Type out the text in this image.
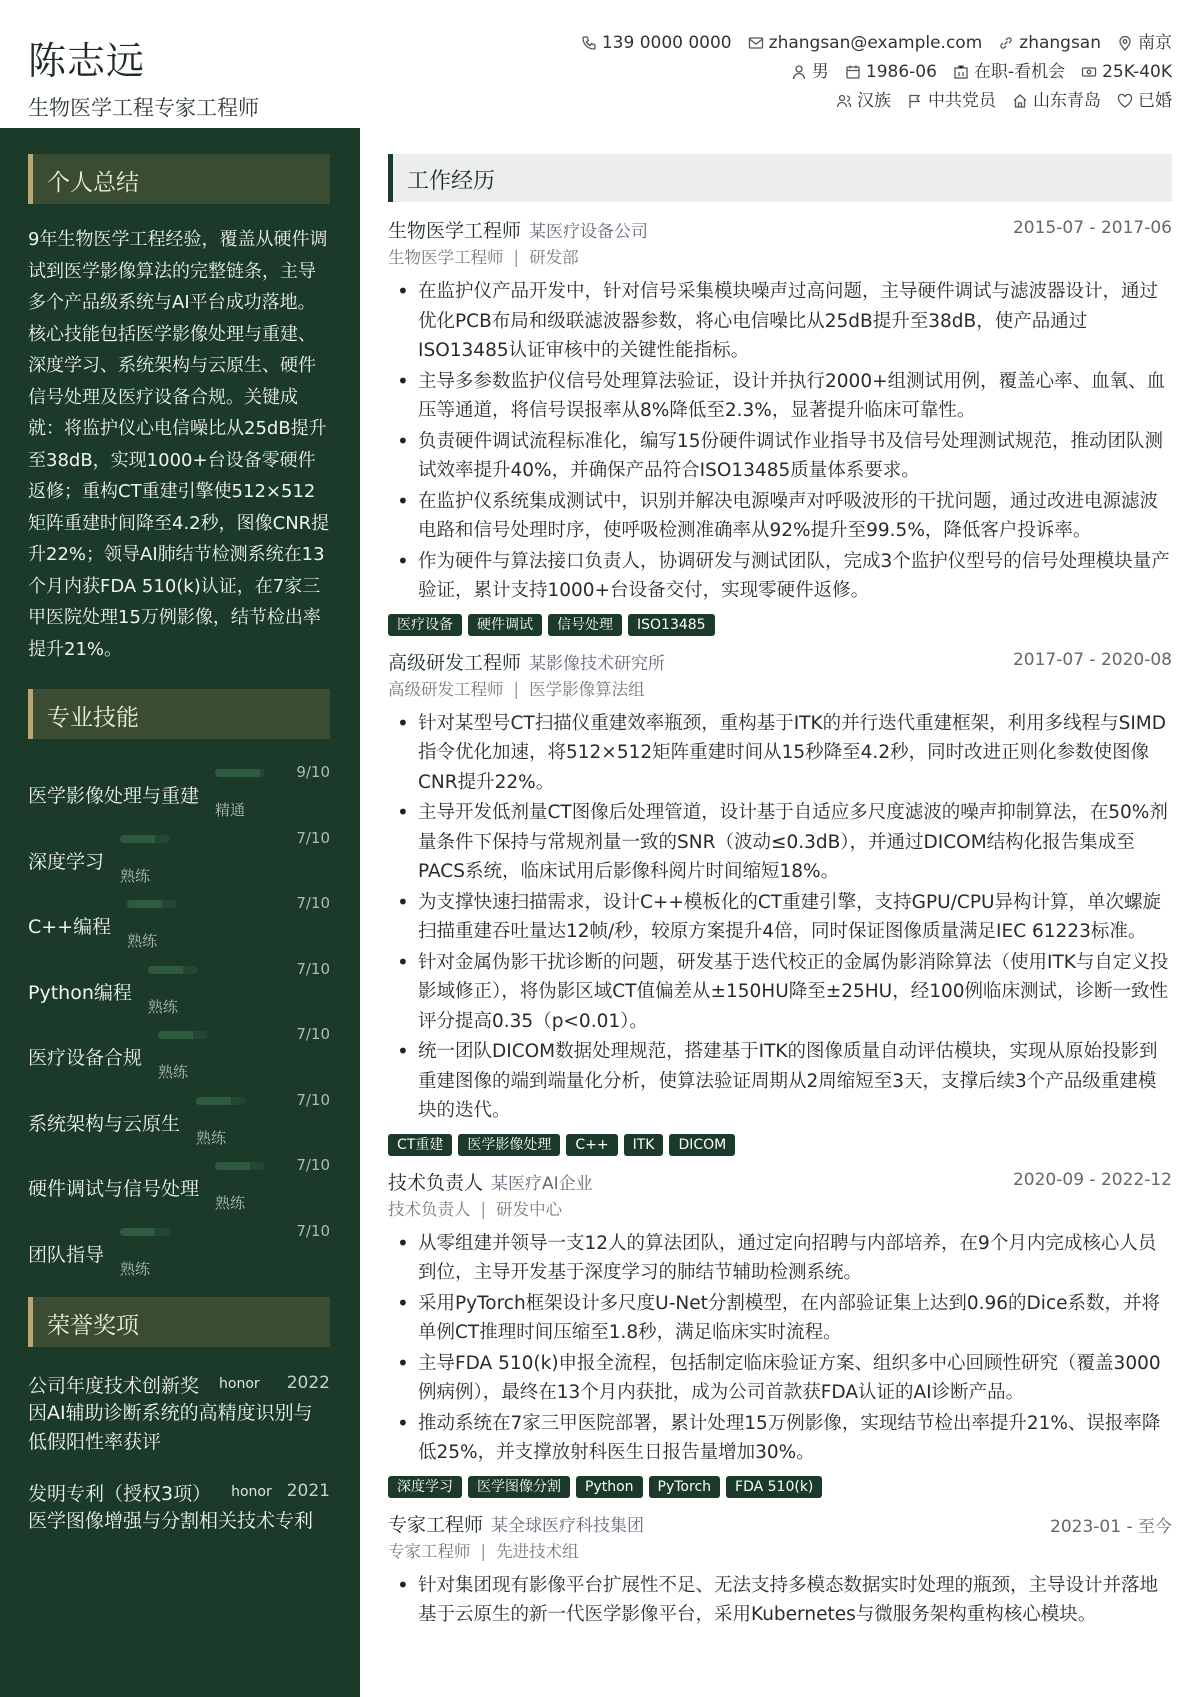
陈志远
生物医学工程专家工程师
139 0000 0000 zhangsan@example.com zhangsan 南京
男 1986-06 在职-看机会 25K-40K
汉族 中共党员 山东青岛 已婚
个人总结
9年生物医学工程经验，覆盖从硬件调试到医学影像算法的完整链条，主导多个产品级系统与AI平台成功落地。核心技能包括医学影像处理与重建、深度学习、系统架构与云原生、硬件信号处理及医疗设备合规。关键成就：将监护仪心电信噪比从25dB提升至38dB，实现1000+台设备零硬件返修；重构CT重建引擎使512×512矩阵重建时间降至4.2秒，图像CNR提升22%；领导AI肺结节检测系统在13个月内获FDA 510(k)认证，在7家三甲医院处理15万例影像，结节检出率提升21%。
专业技能
医学影像处理与重建
9/10
精通
深度学习
7/10
熟练
C++编程
7/10
熟练
Python编程
7/10
熟练
医疗设备合规
7/10
熟练
系统架构与云原生
7/10
熟练
硬件调试与信号处理
7/10
熟练
团队指导
7/10
熟练
荣誉奖项
公司年度技术创新奖 honor 2022
因AI辅助诊断系统的高精度识别与低假阳性率获评
发明专利（授权3项） honor 2021
医学图像增强与分割相关技术专利
工作经历
生物医学工程师 某医疗设备公司	2015-07 - 2017-06
生物医学工程师 | 研发部
• 在监护仪产品开发中，针对信号采集模块噪声过高问题，主导硬件调试与滤波器设计，通过优化PCB布局和级联滤波器参数，将心电信噪比从25dB提升至38dB，使产品通过ISO13485认证审核中的关键性能指标。
• 主导多参数监护仪信号处理算法验证，设计并执行2000+组测试用例，覆盖心率、血氧、血压等通道，将信号误报率从8%降低至2.3%，显著提升临床可靠性。
• 负责硬件调试流程标准化，编写15份硬件调试作业指导书及信号处理测试规范，推动团队测试效率提升40%，并确保产品符合ISO13485质量体系要求。
• 在监护仪系统集成测试中，识别并解决电源噪声对呼吸波形的干扰问题，通过改进电源滤波电路和信号处理时序，使呼吸检测准确率从92%提升至99.5%，降低客户投诉率。
• 作为硬件与算法接口负责人，协调研发与测试团队，完成3个监护仪型号的信号处理模块量产验证，累计支持1000+台设备交付，实现零硬件返修。
医疗设备	硬件调试	信号处理	ISO13485
高级研发工程师 某影像技术研究所	2017-07 - 2020-08
高级研发工程师 | 医学影像算法组
• 针对某型号CT扫描仪重建效率瓶颈，重构基于ITK的并行迭代重建框架，利用多线程与SIMD指令优化加速，将512×512矩阵重建时间从15秒降至4.2秒，同时改进正则化参数使图像CNR提升22%。
• 主导开发低剂量CT图像后处理管道，设计基于自适应多尺度滤波的噪声抑制算法，在50%剂量条件下保持与常规剂量一致的SNR（波动≤0.3dB），并通过DICOM结构化报告集成至PACS系统，临床试用后影像科阅片时间缩短18%。
• 为支撑快速扫描需求，设计C++模板化的CT重建引擎，支持GPU/CPU异构计算，单次螺旋扫描重建吞吐量达12帧/秒，较原方案提升4倍，同时保证图像质量满足IEC 61223标准。
• 针对金属伪影干扰诊断的问题，研发基于迭代校正的金属伪影消除算法（使用ITK与自定义投影域修正），将伪影区域CT值偏差从±150HU降至±25HU，经100例临床测试，诊断一致性评分提高0.35（p<0.01）。
• 统一团队DICOM数据处理规范，搭建基于ITK的图像质量自动评估模块，实现从原始投影到重建图像的端到端量化分析，使算法验证周期从2周缩短至3天，支撑后续3个产品级重建模块的迭代。
CT重建	医学影像处理	C++	ITK	DICOM
技术负责人 某医疗AI企业	2020-09 - 2022-12
技术负责人 | 研发中心
• 从零组建并领导一支12人的算法团队，通过定向招聘与内部培养，在9个月内完成核心人员到位，主导开发基于深度学习的肺结节辅助检测系统。
• 采用PyTorch框架设计多尺度U-Net分割模型，在内部验证集上达到0.96的Dice系数，并将单例CT推理时间压缩至1.8秒，满足临床实时流程。
• 主导FDA 510(k)申报全流程，包括制定临床验证方案、组织多中心回顾性研究（覆盖3000例病例），最终在13个月内获批，成为公司首款获FDA认证的AI诊断产品。
• 推动系统在7家三甲医院部署，累计处理15万例影像，实现结节检出率提升21%、误报率降低25%，并支撑放射科医生日报告量增加30%。
深度学习	医学图像分割	Python	PyTorch	FDA 510(k)
专家工程师 某全球医疗科技集团	2023-01 - 至今
专家工程师 | 先进技术组
• 针对集团现有影像平台扩展性不足、无法支持多模态数据实时处理的瓶颈，主导设计并落地基于云原生的新一代医学影像平台，采用Kubernetes与微服务架构重构核心模块。
